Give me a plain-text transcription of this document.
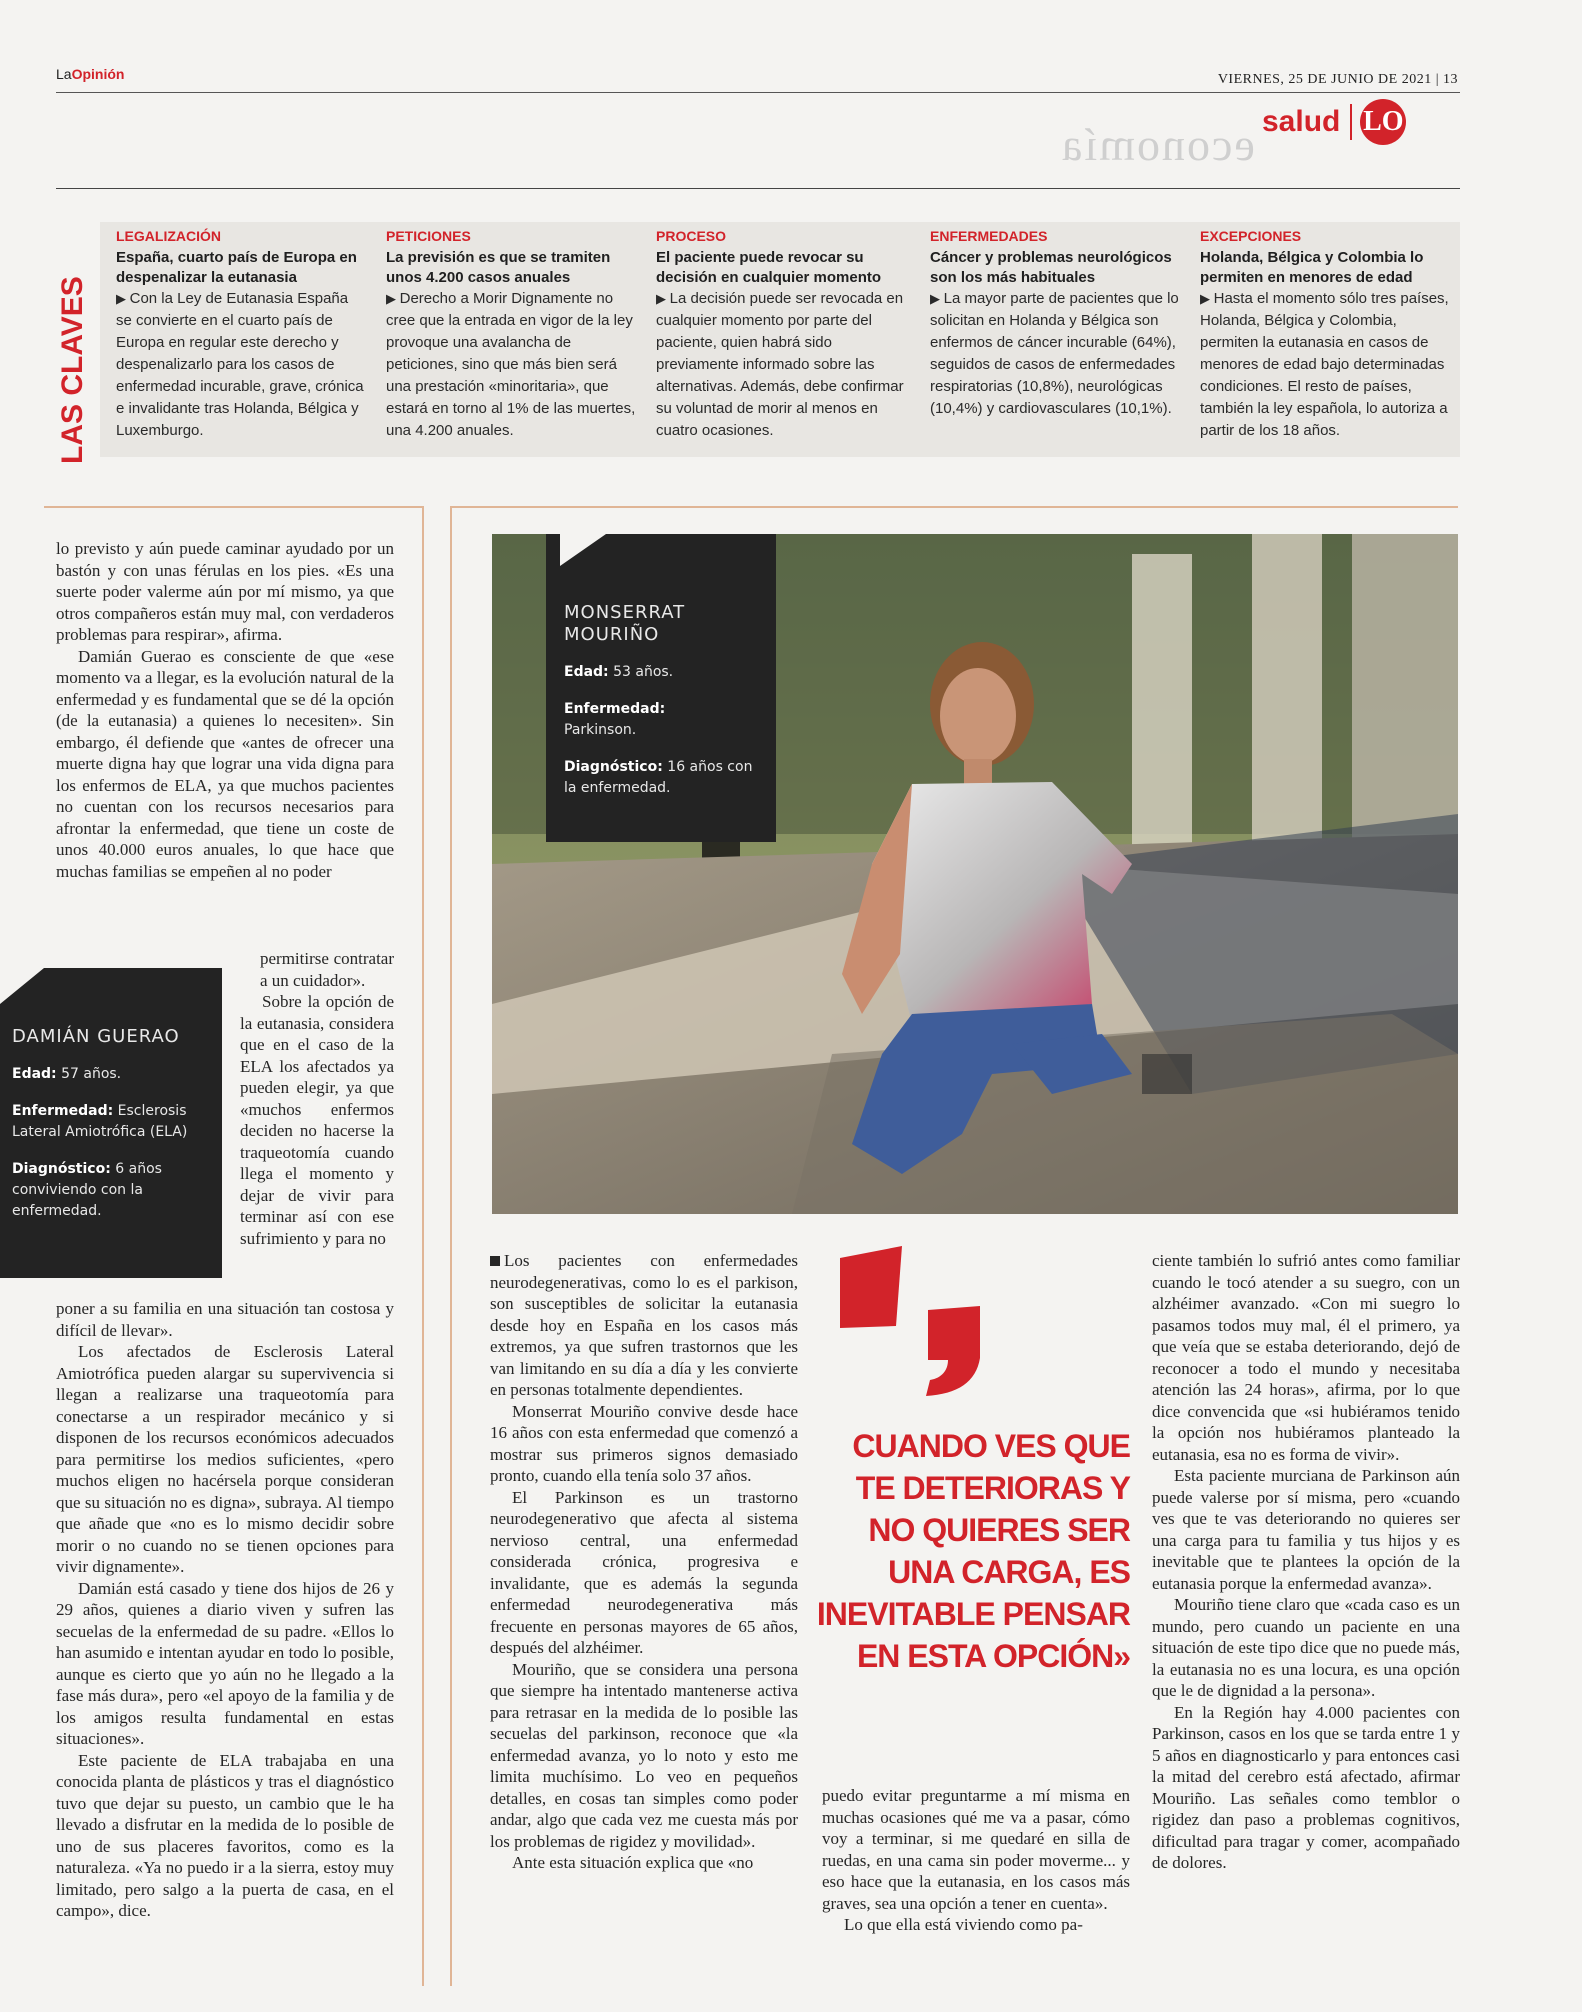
LaOpinión	VIERNES, 25 DE JUNIO DE 2021 | 13
economía salud LO
LAS CLAVES
LEGALIZACIÓN
España, cuarto país de Europa en despenalizar la eutanasia
▶ Con la Ley de Eutanasia España se convierte en el cuarto país de Europa en regular este derecho y despenalizarlo para los casos de enfermedad incurable, grave, crónica e invalidante tras Holanda, Bélgica y Luxemburgo.
PETICIONES
La previsión es que se tramiten unos 4.200 casos anuales
▶ Derecho a Morir Dignamente no cree que la entrada en vigor de la ley provoque una avalancha de peticiones, sino que más bien será una prestación «minoritaria», que estará en torno al 1% de las muertes, una 4.200 anuales.
PROCESO
El paciente puede revocar su decisión en cualquier momento
▶ La decisión puede ser revocada en cualquier momento por parte del paciente, quien habrá sido previamente informado sobre las alternativas. Además, debe confirmar su voluntad de morir al menos en cuatro ocasiones.
ENFERMEDADES
Cáncer y problemas neurológicos son los más habituales
▶ La mayor parte de pacientes que lo solicitan en Holanda y Bélgica son enfermos de cáncer incurable (64%), seguidos de casos de enfermedades respiratorias (10,8%), neurológicas (10,4%) y cardiovasculares (10,1%).
EXCEPCIONES
Holanda, Bélgica y Colombia lo permiten en menores de edad
▶ Hasta el momento sólo tres países, Holanda, Bélgica y Colombia, permiten la eutanasia en casos de menores de edad bajo determinadas condiciones. El resto de países, también la ley española, lo autoriza a partir de los 18 años.

lo previsto y aún puede caminar ayudado por un bastón y con unas férulas en los pies. «Es una suerte poder valerme aún por mí mismo, ya que otros compañeros están muy mal, con verdaderos problemas para respirar», afirma.

Damián Guerao es consciente de que «ese momento va a llegar, es la evolución natural de la enfermedad y es fundamental que se dé la opción (de la eutanasia) a quienes lo necesiten». Sin embargo, él defiende que «antes de ofrecer una muerte digna hay que lograr una vida digna para los enfermos de ELA, ya que muchos pacientes no cuentan con los recursos necesarios para afrontar la enfermedad, que tiene un coste de unos 40.000 euros anuales, lo que hace que muchas familias se empeñen al no poder

DAMIÁN GUERAO
Edad: 57 años.
Enfermedad: Esclerosis Lateral Amiotrófica (ELA)
Diagnóstico: 6 años conviviendo con la enfermedad.

permitirse contratar a un cuidador».

Sobre la opción de la eutanasia, considera que en el caso de la ELA los afectados ya pueden elegir, ya que «muchos enfermos deciden no hacerse la traqueotomía cuando llega el momento y dejar de vivir para terminar así con ese sufrimiento y para no

poner a su familia en una situación tan costosa y difícil de llevar».

Los afectados de Esclerosis Lateral Amiotrófica pueden alargar su supervivencia si llegan a realizarse una traqueotomía para conectarse a un respirador mecánico y si disponen de los recursos económicos adecuados para permitirse los medios suficientes, «pero muchos eligen no hacérsela porque consideran que su situación no es digna», subraya. Al tiempo que añade que «no es lo mismo decidir sobre morir o no cuando no se tienen opciones para vivir dignamente».

Damián está casado y tiene dos hijos de 26 y 29 años, quienes a diario viven y sufren las secuelas de la enfermedad de su padre. «Ellos lo han asumido e intentan ayudar en todo lo posible, aunque es cierto que yo aún no he llegado a la fase más dura», pero «el apoyo de la familia y de los amigos resulta fundamental en estas situaciones».

Este paciente de ELA trabajaba en una conocida planta de plásticos y tras el diagnóstico tuvo que dejar su puesto, un cambio que le ha llevado a disfrutar en la medida de lo posible de uno de sus placeres favoritos, como es la naturaleza. «Ya no puedo ir a la sierra, estoy muy limitado, pero salgo a la puerta de casa, en el campo», dice.

MONSERRAT
MOURIÑO
Edad: 53 años.
Enfermedad:
Parkinson.
Diagnóstico: 16 años con la enfermedad.

Los pacientes con enfermedades neurodegenerativas, como lo es el parkison, son susceptibles de solicitar la eutanasia desde hoy en España en los casos más extremos, ya que sufren trastornos que les van limitando en su día a día y les convierte en personas totalmente dependientes.

Monserrat Mouriño convive desde hace 16 años con esta enfermedad que comenzó a mostrar sus primeros signos demasiado pronto, cuando ella tenía solo 37 años.

El Parkinson es un trastorno neurodegenerativo que afecta al sistema nervioso central, una enfermedad considerada crónica, progresiva e invalidante, que es además la segunda enfermedad neurodegenerativa más frecuente en personas mayores de 65 años, después del alzhéimer.

Mouriño, que se considera una persona que siempre ha intentado mantenerse activa para retrasar en la medida de lo posible las secuelas del parkinson, reconoce que «la enfermedad avanza, yo lo noto y esto me limita muchísimo. Lo veo en pequeños detalles, en cosas tan simples como poder andar, algo que cada vez me cuesta más por los problemas de rigidez y movilidad».

Ante esta situación explica que «no

CUANDO VES QUE TE DETERIORAS Y NO QUIERES SER UNA CARGA, ES INEVITABLE PENSAR EN ESTA OPCIÓN»

puedo evitar preguntarme a mí misma en muchas ocasiones qué me va a pasar, cómo voy a terminar, si me quedaré en silla de ruedas, en una cama sin poder moverme... y eso hace que la eutanasia, en los casos más graves, sea una opción a tener en cuenta».

Lo que ella está viviendo como pa-

ciente también lo sufrió antes como familiar cuando le tocó atender a su suegro, con un alzhéimer avanzado. «Con mi suegro lo pasamos todos muy mal, él el primero, ya que veía que se estaba deteriorando, dejó de reconocer a todo el mundo y necesitaba atención las 24 horas», afirma, por lo que dice convencida que «si hubiéramos tenido la opción nos hubiéramos planteado la eutanasia, esa no es forma de vivir».

Esta paciente murciana de Parkinson aún puede valerse por sí misma, pero «cuando ves que te vas deteriorando no quieres ser una carga para tu familia y tus hijos y es inevitable que te plantees la opción de la eutanasia porque la enfermedad avanza».

Mouriño tiene claro que «cada caso es un mundo, pero cuando un paciente en una situación de este tipo dice que no puede más, la eutanasia no es una locura, es una opción que le de dignidad a la persona».

En la Región hay 4.000 pacientes con Parkinson, casos en los que se tarda entre 1 y 5 años en diagnosticarlo y para entonces casi la mitad del cerebro está afectado, afirmar Mouriño. Las señales como temblor o rigidez dan paso a problemas cognitivos, dificultad para tragar y comer, acompañado de dolores.
